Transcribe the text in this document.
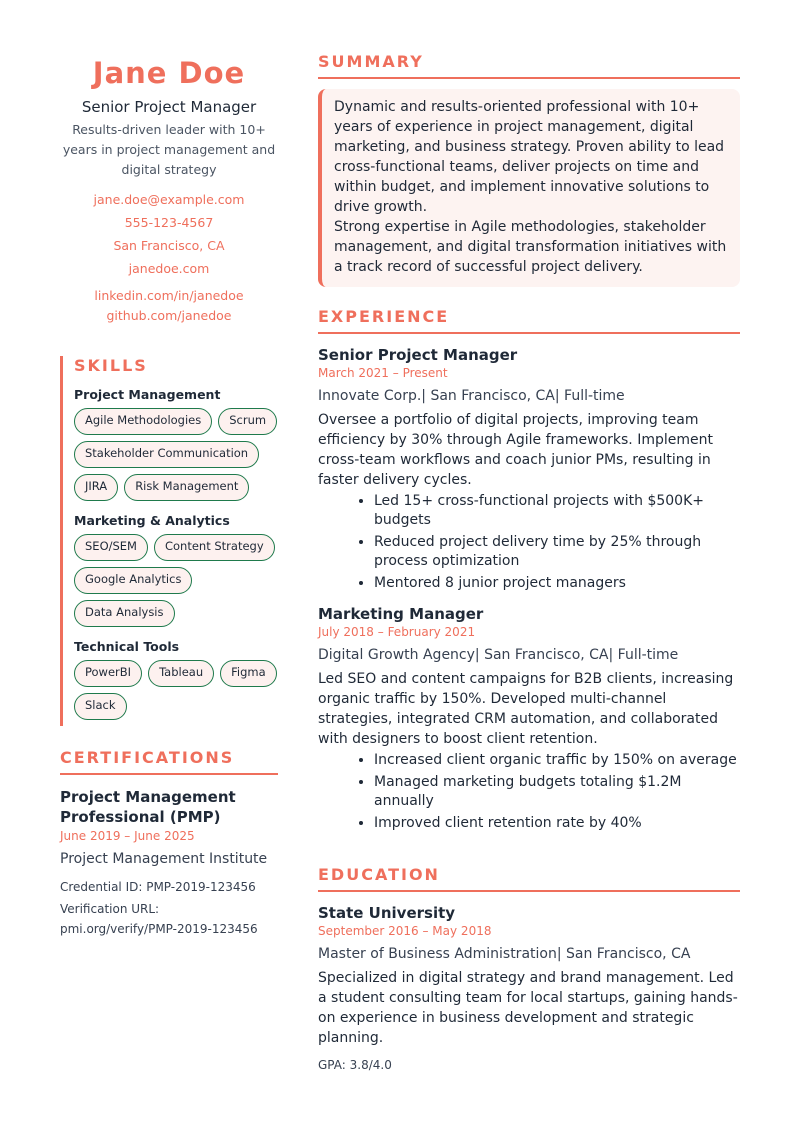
Jane Doe
Senior Project Manager
Results-driven leader with 10+ years in project management and digital strategy
jane.doe@example.com
555-123-4567
San Francisco, CA
janedoe.com
linkedin.com/in/janedoe
github.com/janedoe
SKILLS
Project Management
Agile Methodologies	Scrum
Stakeholder Communication
JIRA	Risk Management
Marketing & Analytics
SEO/SEM	Content Strategy
Google Analytics
Data Analysis
Technical Tools
PowerBI	Tableau	Figma
Slack
CERTIFICATIONS
Project Management Professional (PMP)
June 2019 – June 2025
Project Management Institute
Credential ID: PMP-2019-123456
Verification URL:
pmi.org/verify/PMP-2019-123456
SUMMARY
Dynamic and results-oriented professional with 10+ years of experience in project management, digital marketing, and business strategy. Proven ability to lead cross-functional teams, deliver projects on time and within budget, and implement innovative solutions to drive growth.
Strong expertise in Agile methodologies, stakeholder management, and digital transformation initiatives with a track record of successful project delivery.
EXPERIENCE
Senior Project Manager
March 2021 – Present
Innovate Corp.| San Francisco, CA| Full-time
Oversee a portfolio of digital projects, improving team efficiency by 30% through Agile frameworks. Implement cross-team workflows and coach junior PMs, resulting in faster delivery cycles.
• Led 15+ cross-functional projects with $500K+ budgets
• Reduced project delivery time by 25% through process optimization
• Mentored 8 junior project managers
Marketing Manager
July 2018 – February 2021
Digital Growth Agency| San Francisco, CA| Full-time
Led SEO and content campaigns for B2B clients, increasing organic traffic by 150%. Developed multi-channel strategies, integrated CRM automation, and collaborated with designers to boost client retention.
• Increased client organic traffic by 150% on average
• Managed marketing budgets totaling $1.2M annually
• Improved client retention rate by 40%
EDUCATION
State University
September 2016 – May 2018
Master of Business Administration| San Francisco, CA
Specialized in digital strategy and brand management. Led a student consulting team for local startups, gaining hands-on experience in business development and strategic planning.
GPA: 3.8/4.0
